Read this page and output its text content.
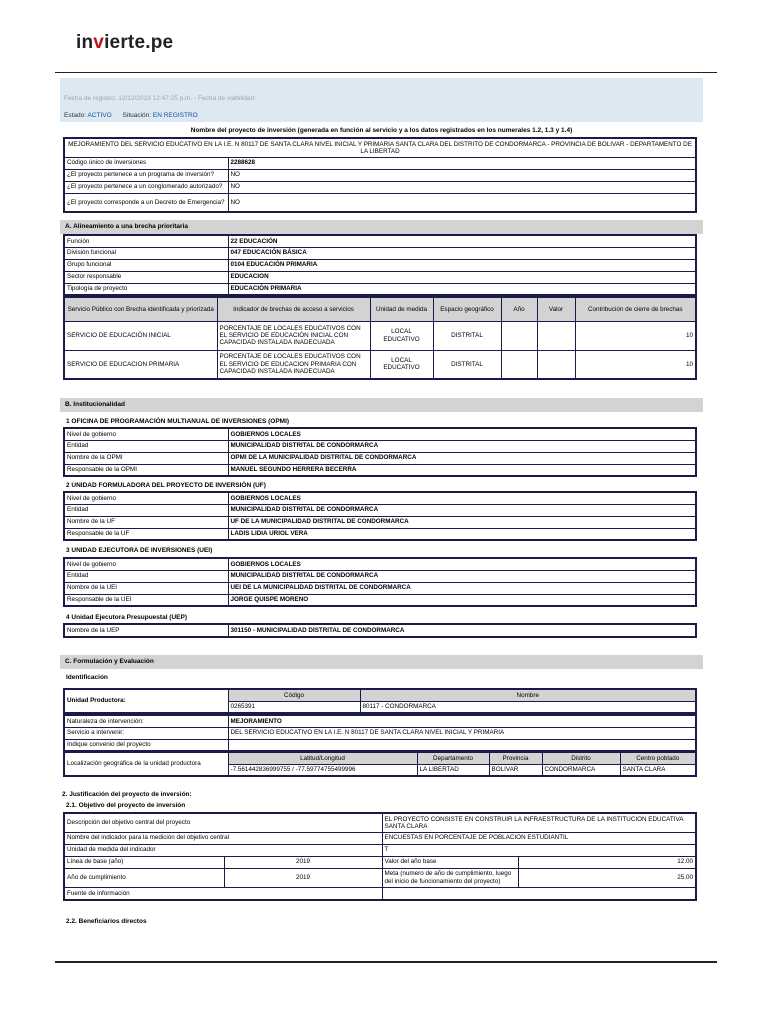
invierte.pe
Fecha de registro: 12/12/2019 12:47:25 p.m. - Fecha de viabilidad:
Estado: ACTIVO Situación: EN REGISTRO
Nombre del proyecto de inversión (generada en función al servicio y a los datos registrados en los numerales 1.2, 1.3 y 1.4)
MEJORAMIENTO DEL SERVICIO EDUCATIVO EN LA I.E. N 80117 DE SANTA CLARA NIVEL INICIAL Y PRIMARIA SANTA CLARA DEL DISTRITO DE CONDORMARCA - PROVINCIA DE BOLIVAR - DEPARTAMENTO DE LA LIBERTAD	
Código único de inversiones	2288628
¿El proyecto pertenece a un programa de inversión?	NO
¿El proyecto pertenece a un conglomerado autorizado?	NO
¿El proyecto corresponde a un Decreto de Emergencia?	NO
A. Alineamiento a una brecha prioritaria
Función	22 EDUCACIÓN
División funcional	047 EDUCACIÓN BÁSICA
Grupo funcional	0104 EDUCACIÓN PRIMARIA
Sector responsable	EDUCACION
Tipología de proyecto	EDUCACIÓN PRIMARIA
Servicio Público con Brecha identificada y priorizada	Indicador de brechas de acceso a servicios	Unidad de medida	Espacio geográfico	Año	Valor	Contribución de cierre de brechas
SERVICIO DE EDUCACIÓN INICIAL	PORCENTAJE DE LOCALES EDUCATIVOS CON EL SERVICIO DE EDUCACIÓN INICIAL CON CAPACIDAD INSTALADA INADECUADA	LOCAL EDUCATIVO	DISTRITAL			10
SERVICIO DE EDUCACION PRIMARIA	PORCENTAJE DE LOCALES EDUCATIVOS CON EL SERVICIO DE EDUCACION PRIMARIA CON CAPACIDAD INSTALADA INADECUADA	LOCAL EDUCATIVO	DISTRITAL			10
B. Institucionalidad
1 OFICINA DE PROGRAMACIÓN MULTIANUAL DE INVERSIONES (OPMI)
Nivel de gobierno	GOBIERNOS LOCALES
Entidad	MUNICIPALIDAD DISTRITAL DE CONDORMARCA
Nombre de la OPMI	OPMI DE LA MUNICIPALIDAD DISTRITAL DE CONDORMARCA
Responsable de la OPMI	MANUEL SEGUNDO HERRERA BECERRA
2 UNIDAD FORMULADORA DEL PROYECTO DE INVERSIÓN (UF)
Nivel de gobierno	GOBIERNOS LOCALES
Entidad	MUNICIPALIDAD DISTRITAL DE CONDORMARCA
Nombre de la UF	UF DE LA MUNICIPALIDAD DISTRITAL DE CONDORMARCA
Responsable de la UF	LADIS LIDIA URIOL VERA
3 UNIDAD EJECUTORA DE INVERSIONES (UEI)
Nivel de gobierno	GOBIERNOS LOCALES
Entidad	MUNICIPALIDAD DISTRITAL DE CONDORMARCA
Nombre de la UEI	UEI DE LA MUNICIPALIDAD DISTRITAL DE CONDORMARCA
Responsable de la UEI	JORGE QUISPE MORENO
4 Unidad Ejecutora Presupuestal (UEP)
Nombre de la UEP	301150 - MUNICIPALIDAD DISTRITAL DE CONDORMARCA
C. Formulación y Evaluación
Identificación
Unidad Productora:	Código	Nombre
	0265391	80117 - CONDORMARCA
Naturaleza de intervención:	MEJORAMIENTO
Servicio a intervenir:	DEL SERVICIO EDUCATIVO EN LA I.E. N 80117 DE SANTA CLARA NIVEL INICIAL Y PRIMARIA
Indique convenio del proyecto	
Localización geográfica de la unidad productora	Latitud/Longitud	Departamento	Provincia	Distrito	Centro poblado
	-7.561442836999755 / -77.59774755499996	LA LIBERTAD	BOLIVAR	CONDORMARCA	SANTA CLARA
2. Justificación del proyecto de inversión:
2.1. Objetivo del proyecto de inversión
Descripción del objetivo central del proyecto		EL PROYECTO CONSISTE EN CONSTRUIR LA INFRAESTRUCTURA DE LA INSTITUCION EDUCATIVA SANTA CLARA	
Nombre del indicador para la medición del objetivo central		ENCUESTAS EN PORCENTAJE DE POBLACION ESTUDIANTIL	
Unidad de medida del indicador		T	
Línea de base (año)	2019	Valor del año base	12.00
Año de cumplimiento	2019	Meta (numero de año de cumplimiento, luego del inicio de funcionamiento del proyecto)	25.00
Fuente de información			
2.2. Beneficiarios directos
